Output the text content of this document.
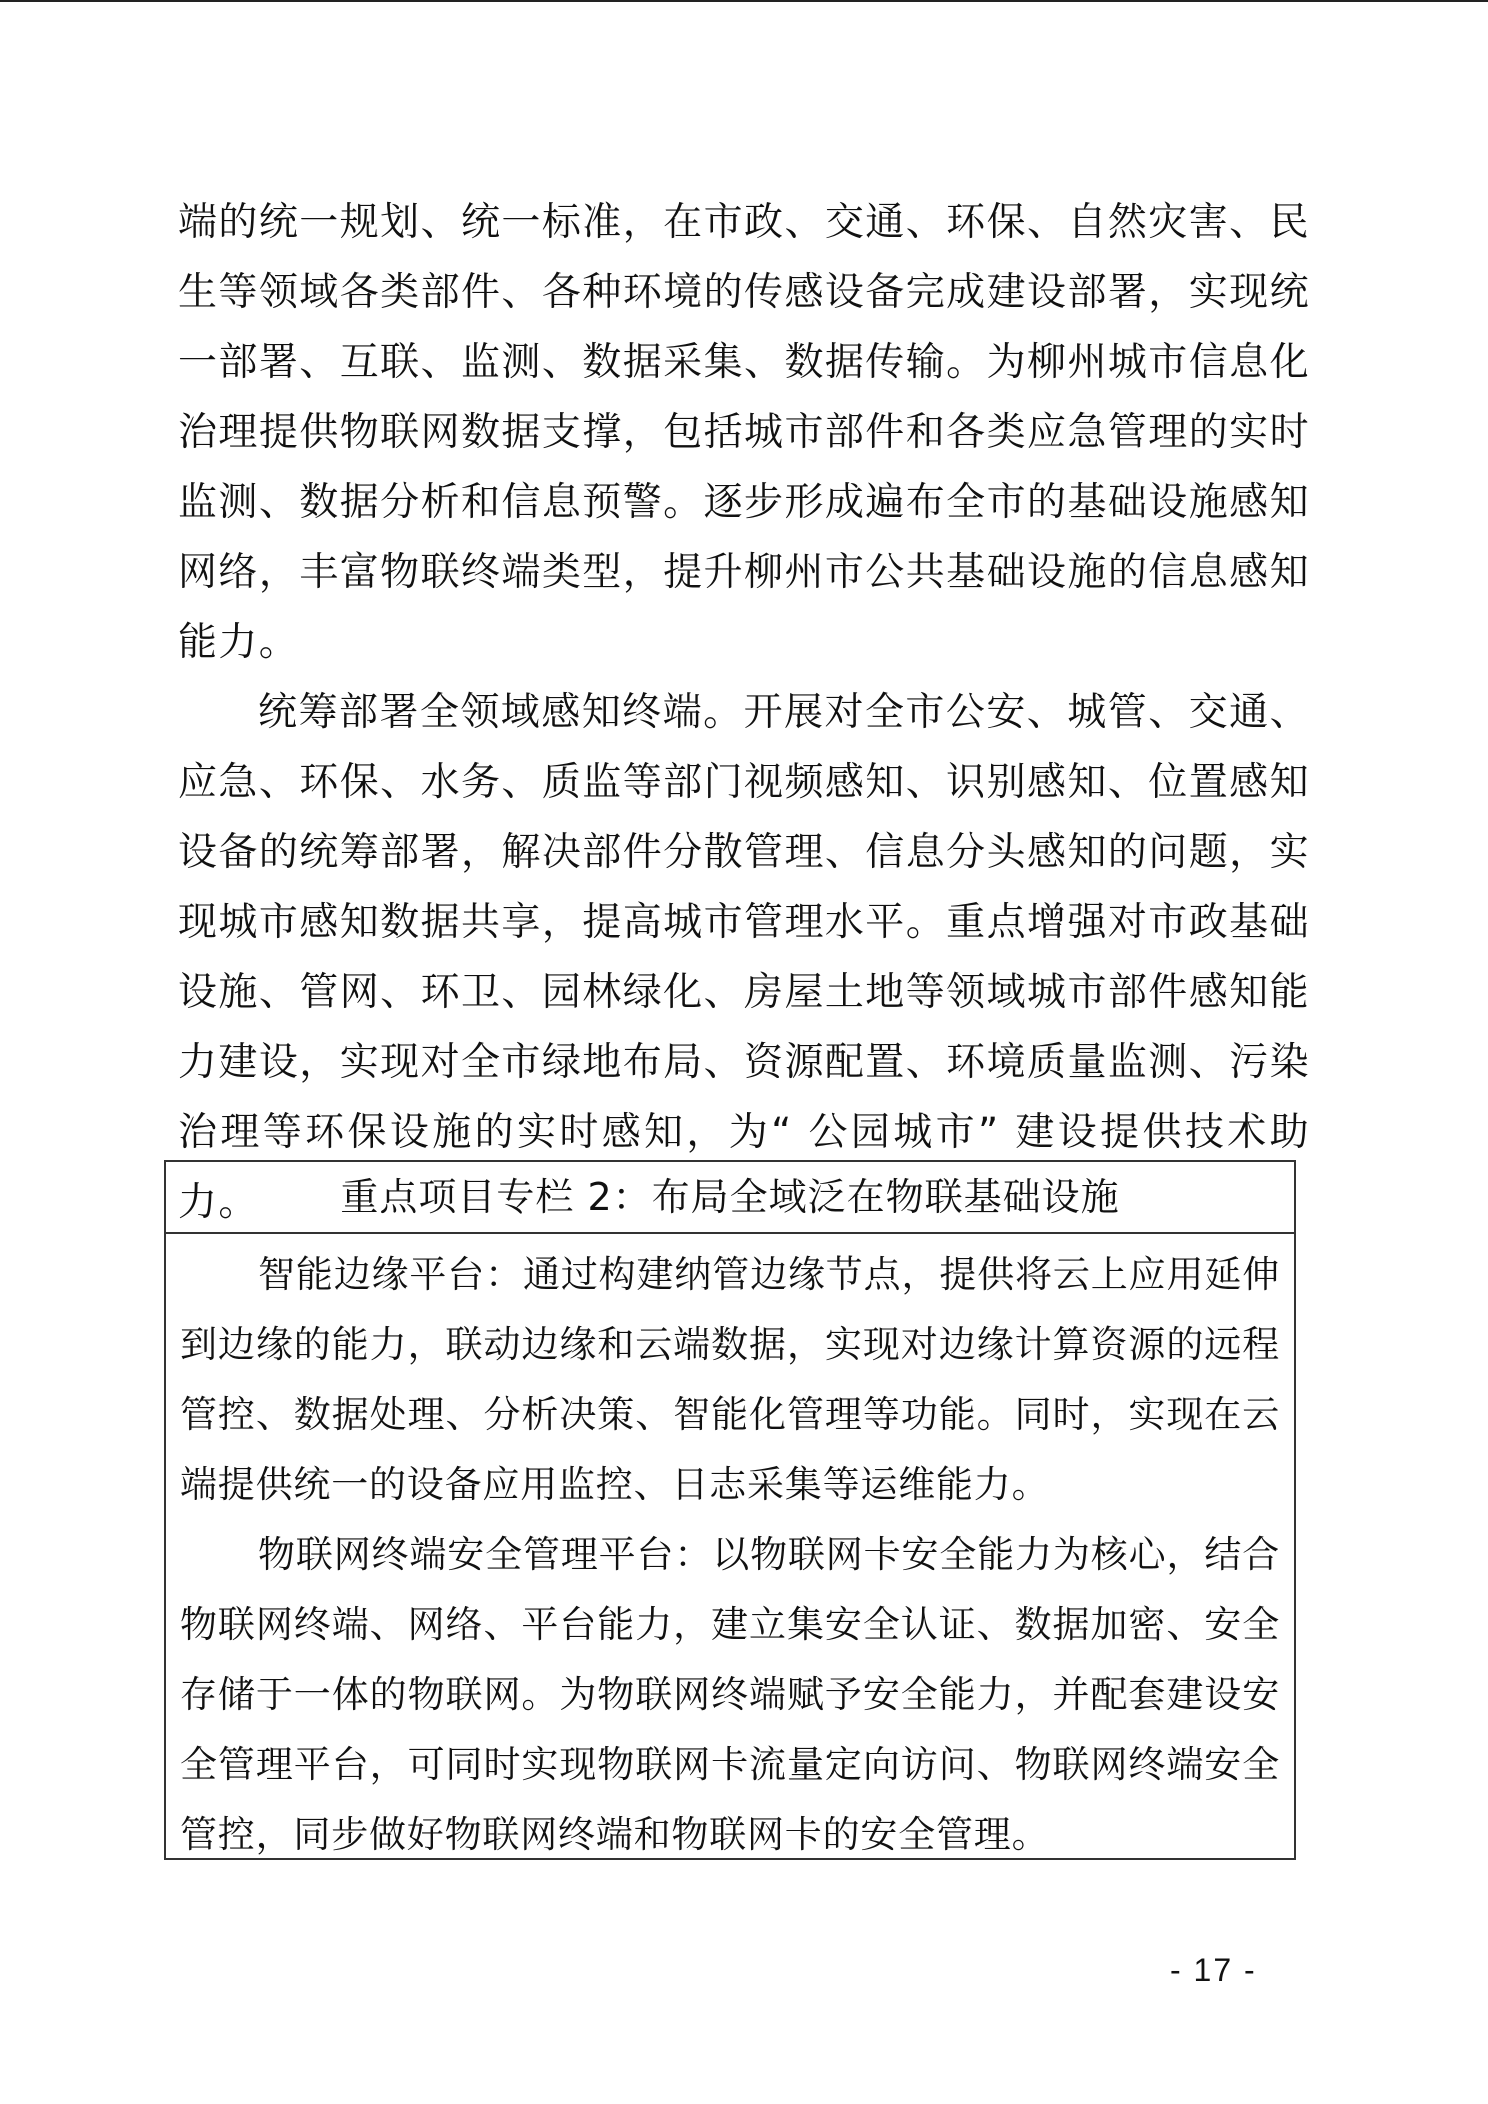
端的统一规划、统一标准，在市政、交通、环保、自然灾害、民生等领域各类部件、各种环境的传感设备完成建设部署，实现统一部署、互联、监测、数据采集、数据传输。为柳州城市信息化治理提供物联网数据支撑，包括城市部件和各类应急管理的实时监测、数据分析和信息预警。逐步形成遍布全市的基础设施感知网络，丰富物联终端类型，提升柳州市公共基础设施的信息感知能力。

统筹部署全领域感知终端。开展对全市公安、城管、交通、应急、环保、水务、质监等部门视频感知、识别感知、位置感知设备的统筹部署，解决部件分散管理、信息分头感知的问题，实现城市感知数据共享，提高城市管理水平。重点增强对市政基础设施、管网、环卫、园林绿化、房屋土地等领域城市部件感知能力建设，实现对全市绿地布局、资源配置、环境质量监测、污染治理等环保设施的实时感知，为“ 公园城市” 建设提供技术助力。	重点项目专栏 2：布局全域泛在物联基础设施

智能边缘平台：通过构建纳管边缘节点，提供将云上应用延伸到边缘的能力，联动边缘和云端数据，实现对边缘计算资源的远程管控、数据处理、分析决策、智能化管理等功能。同时，实现在云端提供统一的设备应用监控、日志采集等运维能力。

物联网终端安全管理平台：以物联网卡安全能力为核心，结合物联网终端、网络、平台能力，建立集安全认证、数据加密、安全存储于一体的物联网。为物联网终端赋予安全能力，并配套建设安全管理平台，可同时实现物联网卡流量定向访问、物联网终端安全管控，同步做好物联网终端和物联网卡的安全管理。

- 17 -
